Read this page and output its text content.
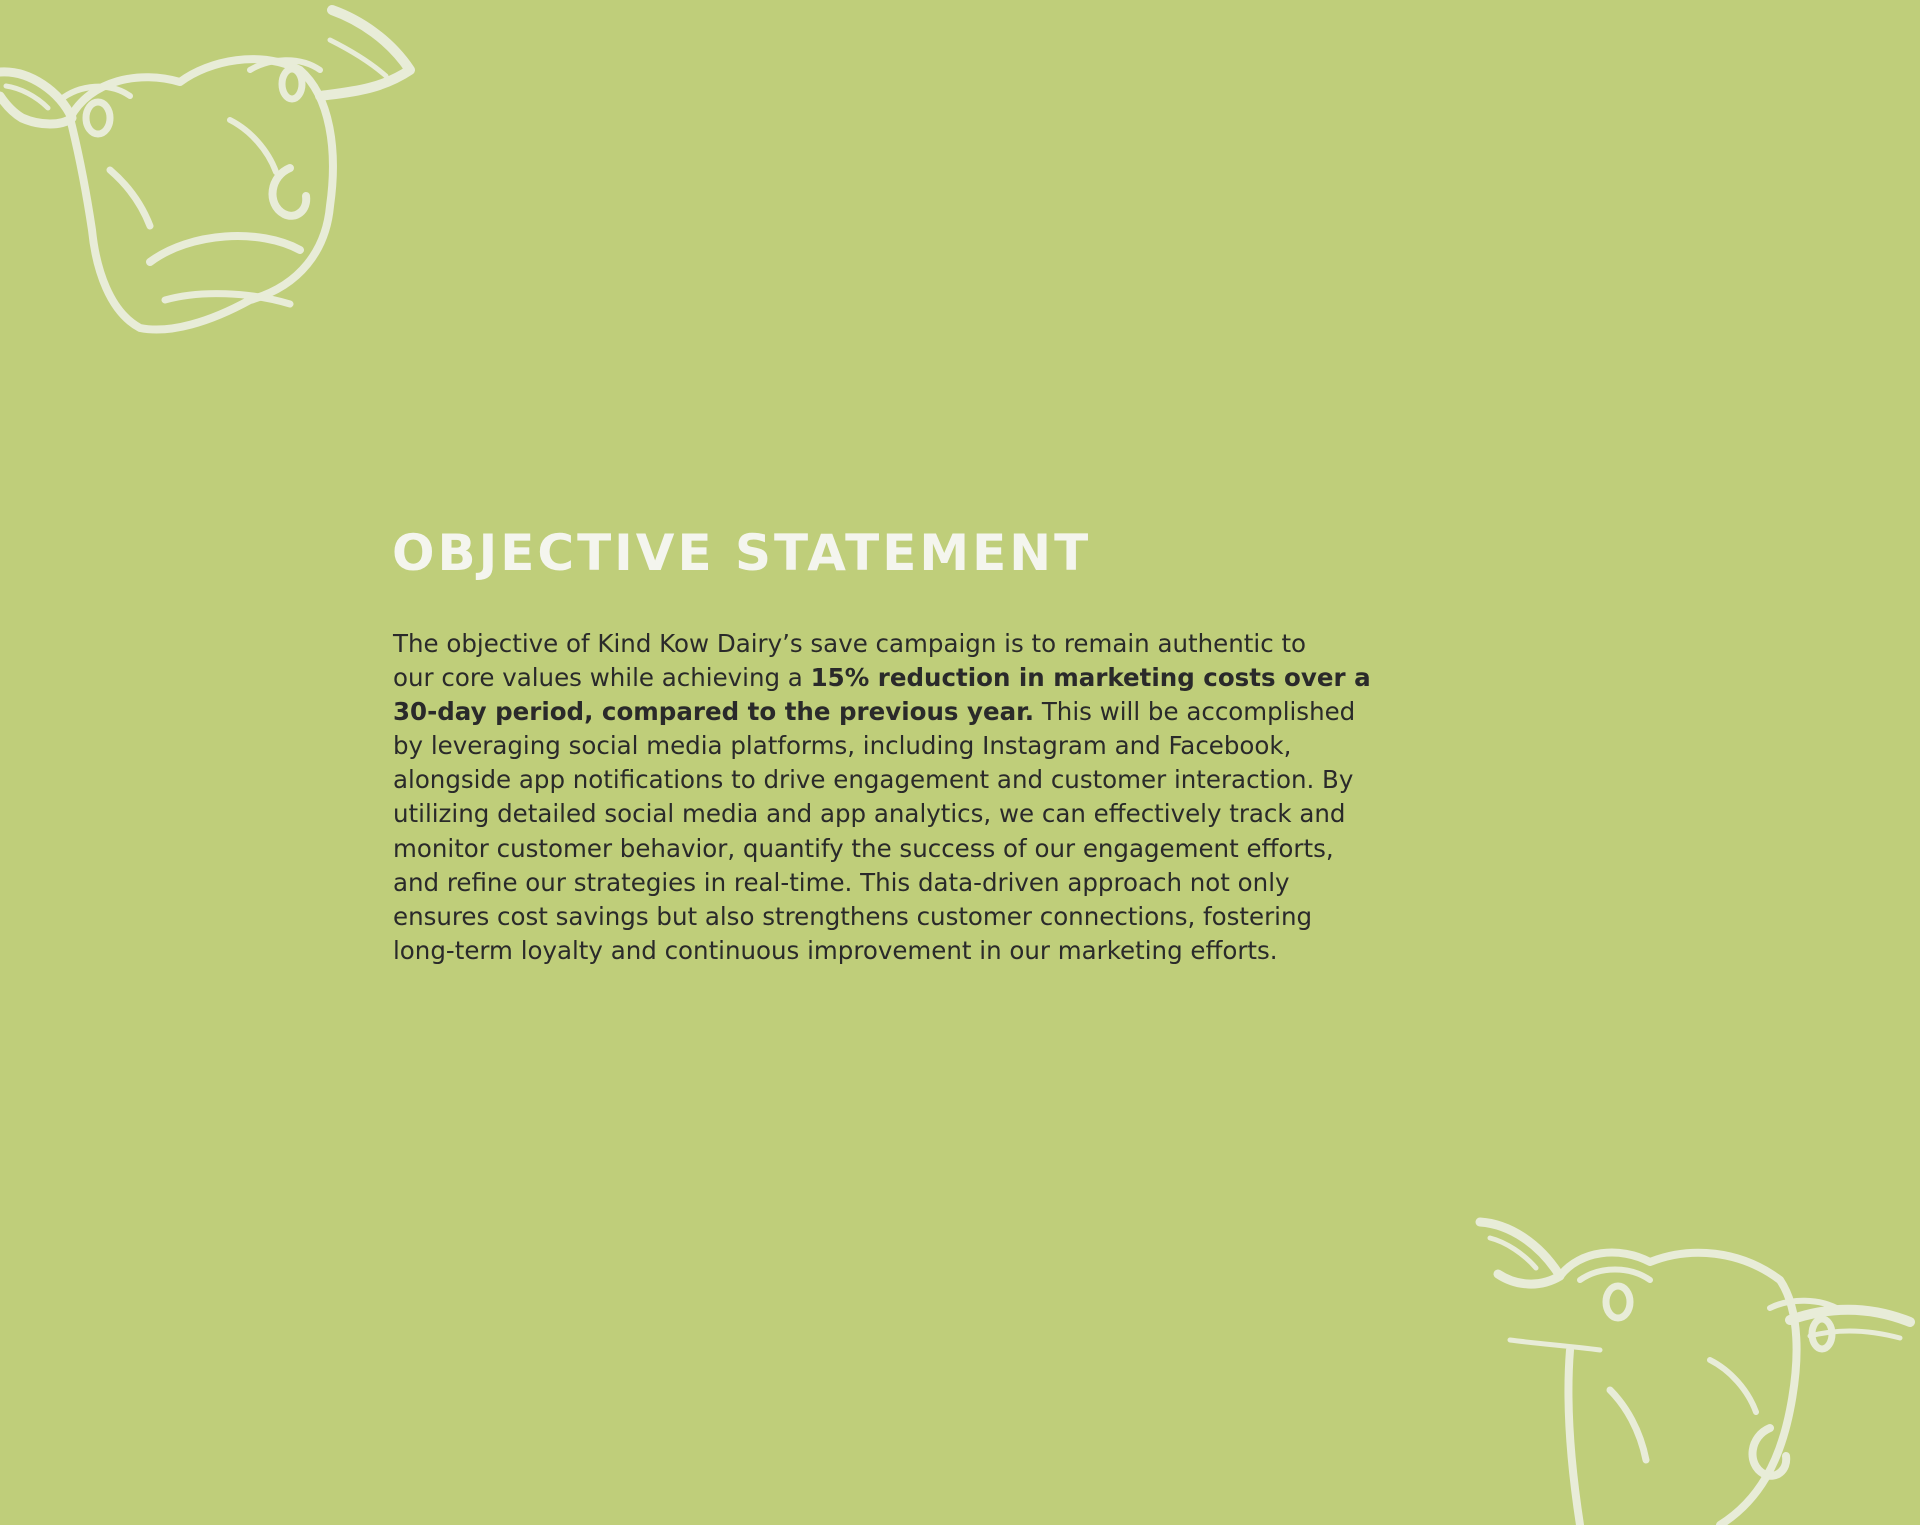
OBJECTIVE STATEMENT
The objective of Kind Kow Dairy’s save campaign is to remain authentic to
our core values while achieving a 15% reduction in marketing costs over a
30-day period, compared to the previous year. This will be accomplished
by leveraging social media platforms, including Instagram and Facebook,
alongside app notifications to drive engagement and customer interaction. By
utilizing detailed social media and app analytics, we can effectively track and
monitor customer behavior, quantify the success of our engagement efforts,
and refine our strategies in real-time. This data-driven approach not only
ensures cost savings but also strengthens customer connections, fostering
long-term loyalty and continuous improvement in our marketing efforts.
